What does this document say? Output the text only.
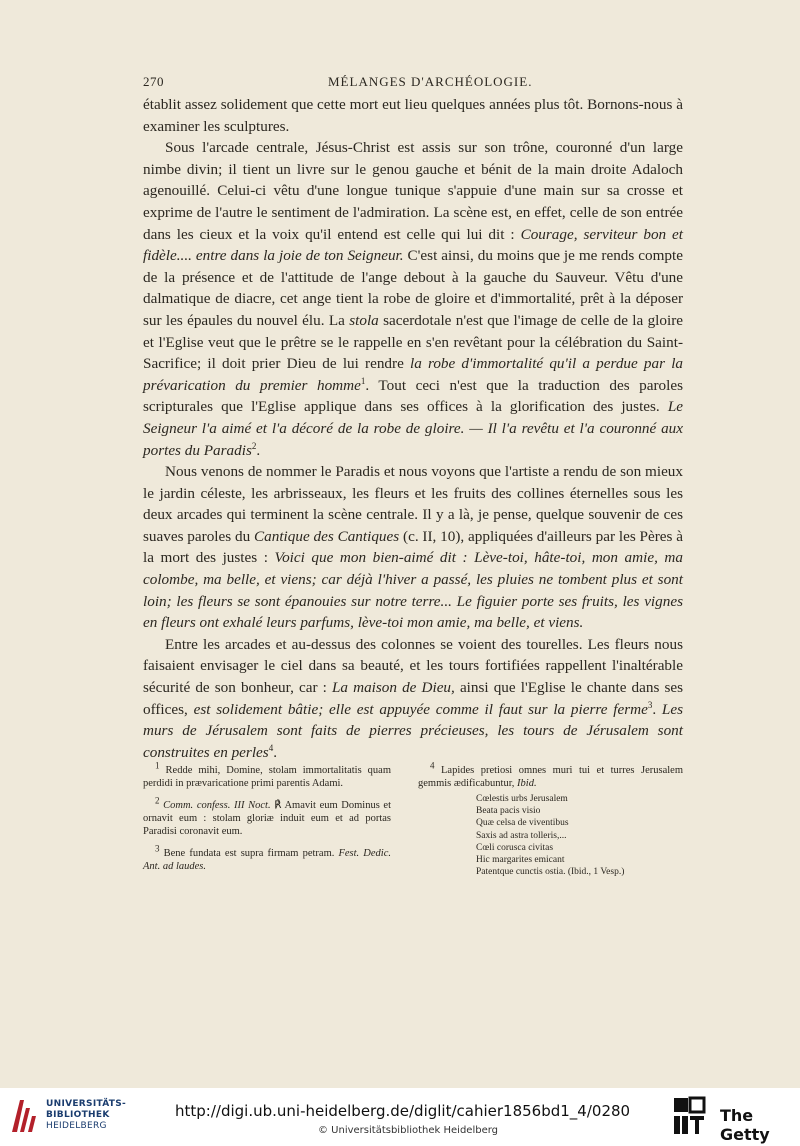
270	MÉLANGES D'ARCHÉOLOGIE.

établit assez solidement que cette mort eut lieu quelques années plus tôt. Bornons-nous à examiner les sculptures.

Sous l'arcade centrale, Jésus-Christ est assis sur son trône, couronné d'un large nimbe divin; il tient un livre sur le genou gauche et bénit de la main droite Adaloch agenouillé. Celui-ci vêtu d'une longue tunique s'appuie d'une main sur sa crosse et exprime de l'autre le sentiment de l'admiration. La scène est, en effet, celle de son entrée dans les cieux et la voix qu'il entend est celle qui lui dit : Courage, serviteur bon et fidèle.... entre dans la joie de ton Seigneur. C'est ainsi, du moins que je me rends compte de la présence et de l'attitude de l'ange debout à la gauche du Sauveur. Vêtu d'une dalmatique de diacre, cet ange tient la robe de gloire et d'immortalité, prêt à la déposer sur les épaules du nouvel élu. La stola sacerdotale n'est que l'image de celle de la gloire et l'Eglise veut que le prêtre se le rappelle en s'en revêtant pour la célébration du Saint-Sacrifice; il doit prier Dieu de lui rendre la robe d'immortalité qu'il a perdue par la prévarication du premier homme$^1$. Tout ceci n'est que la traduction des paroles scripturales que l'Eglise applique dans ses offices à la glorification des justes. Le Seigneur l'a aimé et l'a décoré de la robe de gloire. — Il l'a revêtu et l'a couronné aux portes du Paradis$^2$.

Nous venons de nommer le Paradis et nous voyons que l'artiste a rendu de son mieux le jardin céleste, les arbrisseaux, les fleurs et les fruits des collines éternelles sous les deux arcades qui terminent la scène centrale. Il y a là, je pense, quelque souvenir de ces suaves paroles du Cantique des Cantiques (c. II, 10), appliquées d'ailleurs par les Pères à la mort des justes : Voici que mon bien-aimé dit : Lève-toi, hâte-toi, mon amie, ma colombe, ma belle, et viens; car déjà l'hiver a passé, les pluies ne tombent plus et sont loin; les fleurs se sont épanouies sur notre terre... Le figuier porte ses fruits, les vignes en fleurs ont exhalé leurs parfums, lève-toi mon amie, ma belle, et viens.

Entre les arcades et au-dessus des colonnes se voient des tourelles. Les fleurs nous faisaient envisager le ciel dans sa beauté, et les tours fortifiées rappellent l'inaltérable sécurité de son bonheur, car : La maison de Dieu, ainsi que l'Eglise le chante dans ses offices, est solidement bâtie; elle est appuyée comme il faut sur la pierre ferme$^3$. Les murs de Jérusalem sont faits de pierres précieuses, les tours de Jérusalem sont construites en perles$^4$.

$^1$ Redde mihi, Domine, stolam immortalitatis quam perdidi in prævaricatione primi parentis Adami.

$^2$ Comm. confess. III Noct. ℟ Amavit eum Dominus et ornavit eum : stolam gloriæ induit eum et ad portas Paradisi coronavit eum.

$^3$ Bene fundata est supra firmam petram. Fest. Dedic. Ant. ad laudes.

$^4$ Lapides pretiosi omnes muri tui et turres Jerusalem gemmis ædificabuntur, Ibid.

Cœlestis urbs Jerusalem
Beata pacis visio
Quæ celsa de viventibus
Saxis ad astra tolleris,...
Cœli corusca civitas
Hic margarites emicant
Patentque cunctis ostia. (Ibid., 1 Vesp.)
UNIVERSITÄTS-
BIBLIOTHEK
HEIDELBERG
http://digi.ub.uni-heidelberg.de/diglit/cahier1856bd1_4/0280
© Universitätsbibliothek Heidelberg
The Getty
